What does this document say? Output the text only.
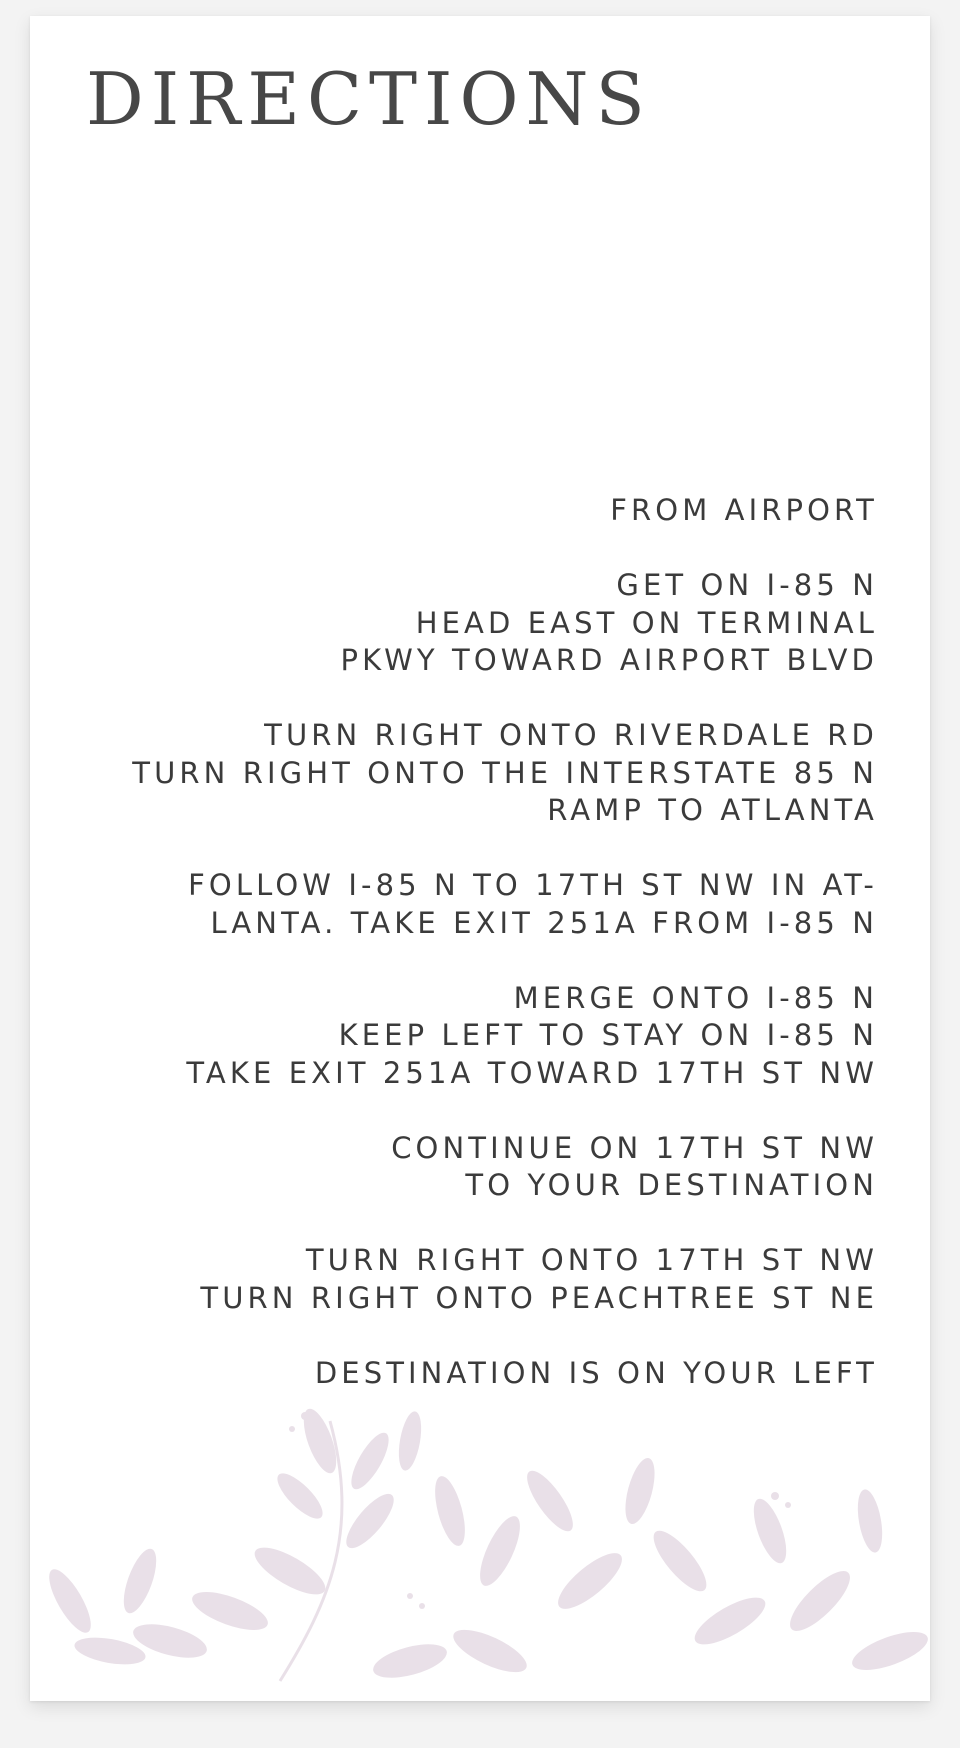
DIRECTIONS
FROM AIRPORT
GET ON I-85 N
HEAD EAST ON TERMINAL
PKWY TOWARD AIRPORT BLVD
TURN RIGHT ONTO RIVERDALE RD
TURN RIGHT ONTO THE INTERSTATE 85 N
RAMP TO ATLANTA
FOLLOW I-85 N TO 17TH ST NW IN AT-
LANTA. TAKE EXIT 251A FROM I-85 N
MERGE ONTO I-85 N
KEEP LEFT TO STAY ON I-85 N
TAKE EXIT 251A TOWARD 17TH ST NW
CONTINUE ON 17TH ST NW
TO YOUR DESTINATION
TURN RIGHT ONTO 17TH ST NW
TURN RIGHT ONTO PEACHTREE ST NE
DESTINATION IS ON YOUR LEFT
